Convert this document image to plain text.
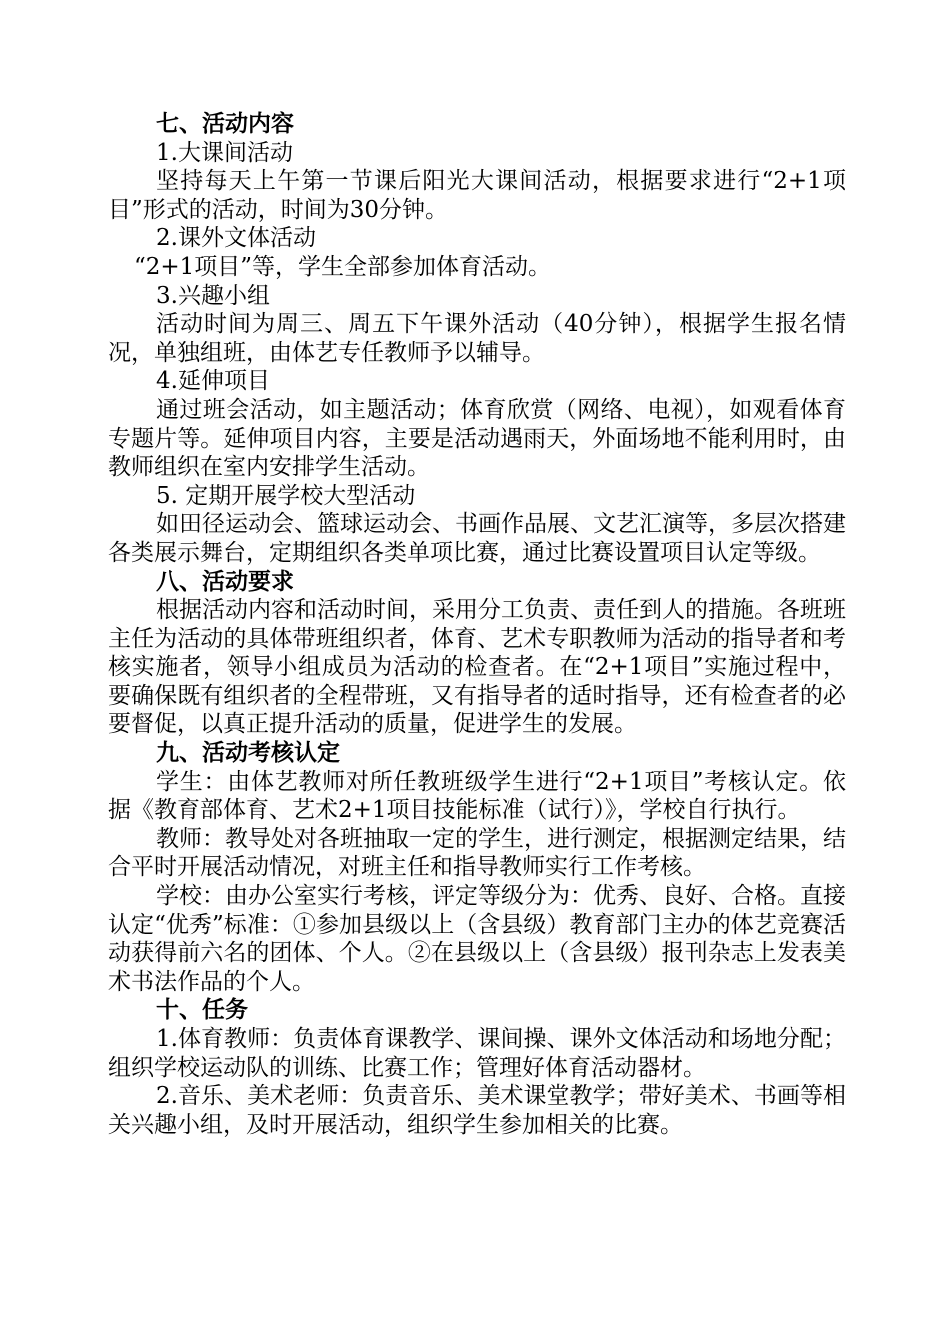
七、活动内容

1.大课间活动

坚持每天上午第一节课后阳光大课间活动，根据要求进行“2+1项目”形式的活动，时间为30分钟。

2.课外文体活动

“2+1项目”等，学生全部参加体育活动。

3.兴趣小组

活动时间为周三、周五下午课外活动（40分钟），根据学生报名情况，单独组班，由体艺专任教师予以辅导。

4.延伸项目

通过班会活动，如主题活动；体育欣赏（网络、电视），如观看体育专题片等。延伸项目内容，主要是活动遇雨天，外面场地不能利用时，由教师组织在室内安排学生活动。

5. 定期开展学校大型活动

如田径运动会、篮球运动会、书画作品展、文艺汇演等，多层次搭建各类展示舞台，定期组织各类单项比赛，通过比赛设置项目认定等级。

八、活动要求

根据活动内容和活动时间，采用分工负责、责任到人的措施。各班班主任为活动的具体带班组织者，体育、艺术专职教师为活动的指导者和考核实施者，领导小组成员为活动的检查者。在“2+1项目”实施过程中，要确保既有组织者的全程带班，又有指导者的适时指导，还有检查者的必要督促，以真正提升活动的质量，促进学生的发展。

九、活动考核认定

学生：由体艺教师对所任教班级学生进行“2+1项目”考核认定。依据《教育部体育、艺术2+1项目技能标准（试行）》，学校自行执行。

教师：教导处对各班抽取一定的学生，进行测定，根据测定结果，结合平时开展活动情况，对班主任和指导教师实行工作考核。

学校：由办公室实行考核，评定等级分为：优秀、良好、合格。直接认定“优秀”标准：①参加县级以上（含县级）教育部门主办的体艺竞赛活动获得前六名的团体、个人。②在县级以上（含县级）报刊杂志上发表美术书法作品的个人。

十、任务

1.体育教师：负责体育课教学、课间操、课外文体活动和场地分配；组织学校运动队的训练、比赛工作；管理好体育活动器材。

2.音乐、美术老师：负责音乐、美术课堂教学；带好美术、书画等相关兴趣小组，及时开展活动，组织学生参加相关的比赛。
